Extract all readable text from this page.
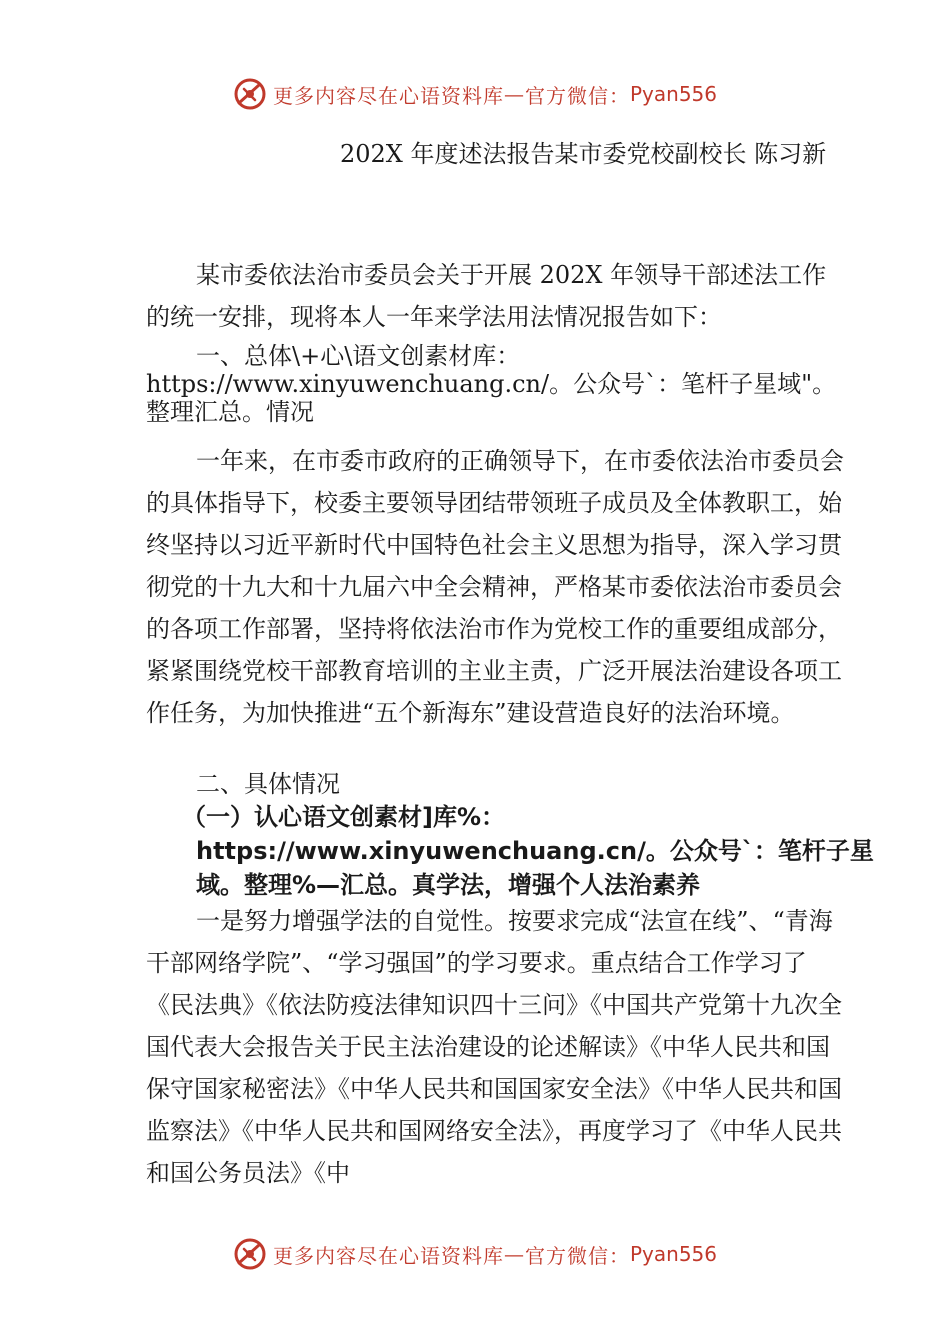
更多内容尽在心语资料库 — 官方微信： Pyan556
202X 年度述法报告某市委党校副校长 陈习新
某市委依法治市委员会关于开展 202X 年领导干部述法工作的统一安排，现将本人一年来学法用法情况报告如下：
一、总体\+心\语文创素材库：https://www.xinyuwenchuang.cn/。公众号`：笔杆子星域"。整理汇总。情况
一年来，在市委市政府的正确领导下，在市委依法治市委员会的具体指导下，校委主要领导团结带领班子成员及全体教职工，始终坚持以习近平新时代中国特色社会主义思想为指导，深入学习贯彻党的十九大和十九届六中全会精神，严格某市委依法治市委员会的各项工作部署，坚持将依法治市作为党校工作的重要组成部分，紧紧围绕党校干部教育培训的主业主责，广泛开展法治建设各项工作任务，为加快推进“五个新海东”建设营造良好的法治环境。
二、具体情况
（一）认心语文创素材]库%：https://www.xinyuwenchuang.cn/。公众号`：笔杆子星域。整理%—汇总。真学法，增强个人法治素养
一是努力增强学法的自觉性。按要求完成“法宣在线”、“青海干部网络学院”、“学习强国”的学习要求。重点结合工作学习了《民法典》《依法防疫法律知识四十三问》《中国共产党第十九次全国代表大会报告关于民主法治建设的论述解读》《中华人民共和国保守国家秘密法》《中华人民共和国国家安全法》《中华人民共和国监察法》《中华人民共和国网络安全法》，再度学习了《中华人民共和国公务员法》《中
更多内容尽在心语资料库 — 官方微信： Pyan556
